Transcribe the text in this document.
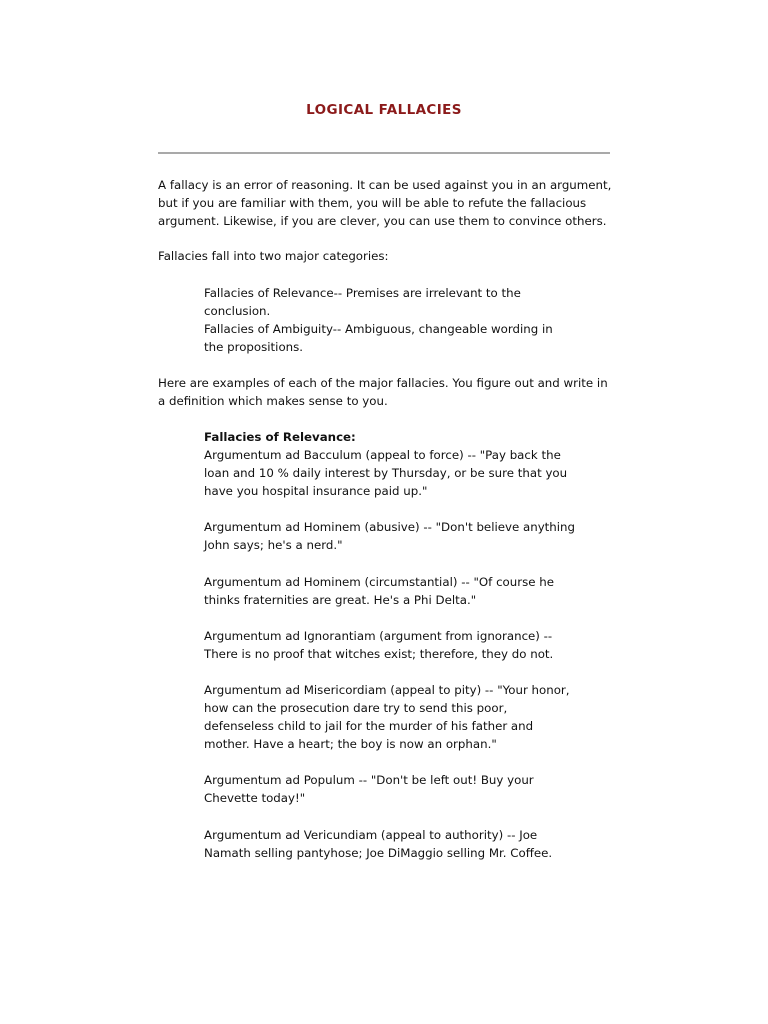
LOGICAL FALLACIES
A fallacy is an error of reasoning. It can be used against you in an argument,
but if you are familiar with them, you will be able to refute the fallacious
argument. Likewise, if you are clever, you can use them to convince others.

Fallacies fall into two major categories:

Fallacies of Relevance-- Premises are irrelevant to the
conclusion.
Fallacies of Ambiguity-- Ambiguous, changeable wording in
the propositions.
Here are examples of each of the major fallacies. You figure out and write in
a definition which makes sense to you.
Fallacies of Relevance:
Argumentum ad Bacculum (appeal to force) -- "Pay back the
loan and 10 % daily interest by Thursday, or be sure that you
have you hospital insurance paid up."
Argumentum ad Hominem (abusive) -- "Don't believe anything
John says; he's a nerd."
Argumentum ad Hominem (circumstantial) -- "Of course he
thinks fraternities are great. He's a Phi Delta."
Argumentum ad Ignorantiam (argument from ignorance) --
There is no proof that witches exist; therefore, they do not.
Argumentum ad Misericordiam (appeal to pity) -- "Your honor,
how can the prosecution dare try to send this poor,
defenseless child to jail for the murder of his father and
mother. Have a heart; the boy is now an orphan."
Argumentum ad Populum -- "Don't be left out! Buy your
Chevette today!"
Argumentum ad Vericundiam (appeal to authority) -- Joe
Namath selling pantyhose; Joe DiMaggio selling Mr. Coffee.
